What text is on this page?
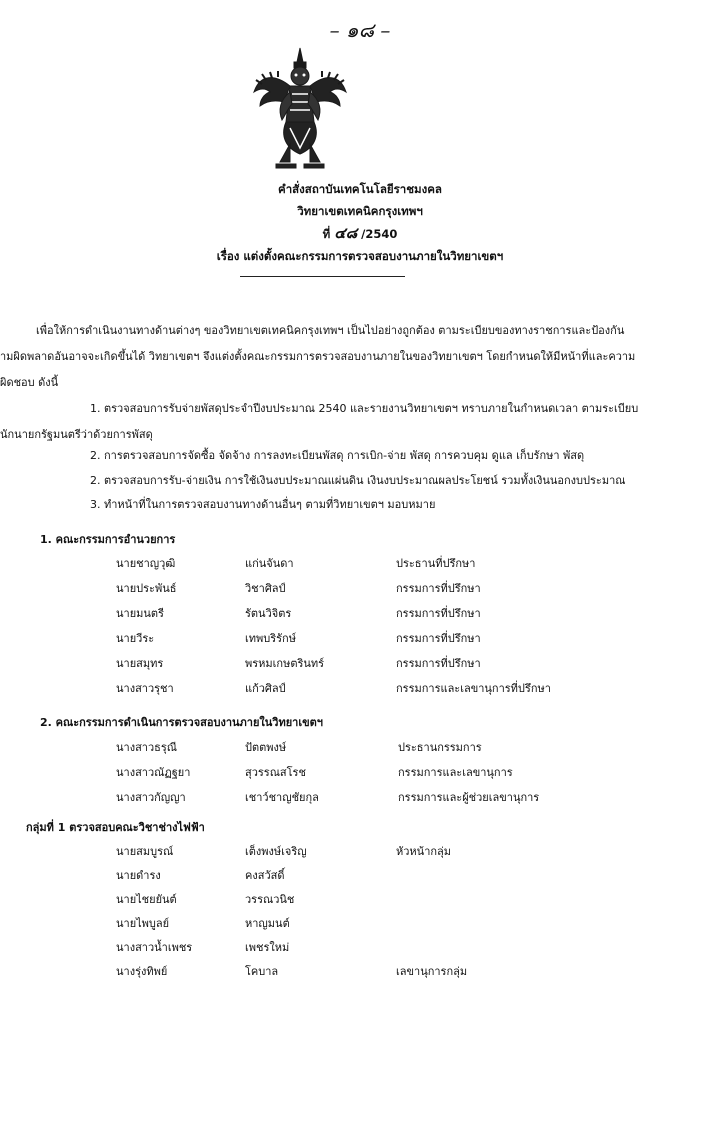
– ๑๘ –
คำสั่งสถาบันเทคโนโลยีราชมงคล
วิทยาเขตเทคนิคกรุงเทพฯ
ที่ ๔๘ /2540
เรื่อง แต่งตั้งคณะกรรมการตรวจสอบงานภายในวิทยาเขตฯ
เพื่อให้การดำเนินงานทางด้านต่างๆ ของวิทยาเขตเทคนิคกรุงเทพฯ เป็นไปอย่างถูกต้อง ตามระเบียบของทางราชการและป้องกัน
ามผิดพลาดอันอาจจะเกิดขึ้นได้ วิทยาเขตฯ จึงแต่งตั้งคณะกรรมการตรวจสอบงานภายในของวิทยาเขตฯ โดยกำหนดให้มีหน้าที่และความ
ผิดชอบ ดังนี้
1. ตรวจสอบการรับจ่ายพัสดุประจำปีงบประมาณ 2540 และรายงานวิทยาเขตฯ ทราบภายในกำหนดเวลา ตามระเบียบ
นักนายกรัฐมนตรีว่าด้วยการพัสดุ
2. การตรวจสอบการจัดซื้อ จัดจ้าง การลงทะเบียนพัสดุ การเบิก-จ่าย พัสดุ การควบคุม ดูแล เก็บรักษา พัสดุ
2. ตรวจสอบการรับ-จ่ายเงิน การใช้เงินงบประมาณแผ่นดิน เงินงบประมาณผลประโยชน์ รวมทั้งเงินนอกงบประมาณ
3. ทำหน้าที่ในการตรวจสอบงานทางด้านอื่นๆ ตามที่วิทยาเขตฯ มอบหมาย
1. คณะกรรมการอำนวยการ
นายชาญวุฒิ	แก่นจันดา	ประธานที่ปรึกษา
นายประพันธ์	วิชาศิลป์	กรรมการที่ปรึกษา
นายมนตรี	รัตนวิจิตร	กรรมการที่ปรึกษา
นายวีระ	เทพบริรักษ์	กรรมการที่ปรึกษา
นายสมุทร	พรหมเกษตรินทร์	กรรมการที่ปรึกษา
นางสาวรุชา	แก้วศิลป์	กรรมการและเลขานุการที่ปรึกษา
2. คณะกรรมการดำเนินการตรวจสอบงานภายในวิทยาเขตฯ
นางสาวธรุณี	ปัตตพงษ์	ประธานกรรมการ
นางสาวณัฏฐยา	สุวรรณสโรช	กรรมการและเลขานุการ
นางสาวกัญญา	เชาว์ชาญชัยกุล	กรรมการและผู้ช่วยเลขานุการ
กลุ่มที่ 1 ตรวจสอบคณะวิชาช่างไฟฟ้า
นายสมบูรณ์	เต็งพงษ์เจริญ	หัวหน้ากลุ่ม
นายดำรง	คงสวัสดิ์
นายไชยยันต์	วรรณวนิช
นายไพบูลย์	หาญมนต์
นางสาวน้ำเพชร	เพชรใหม่
นางรุ่งทิพย์	โคบาล	เลขานุการกลุ่ม
